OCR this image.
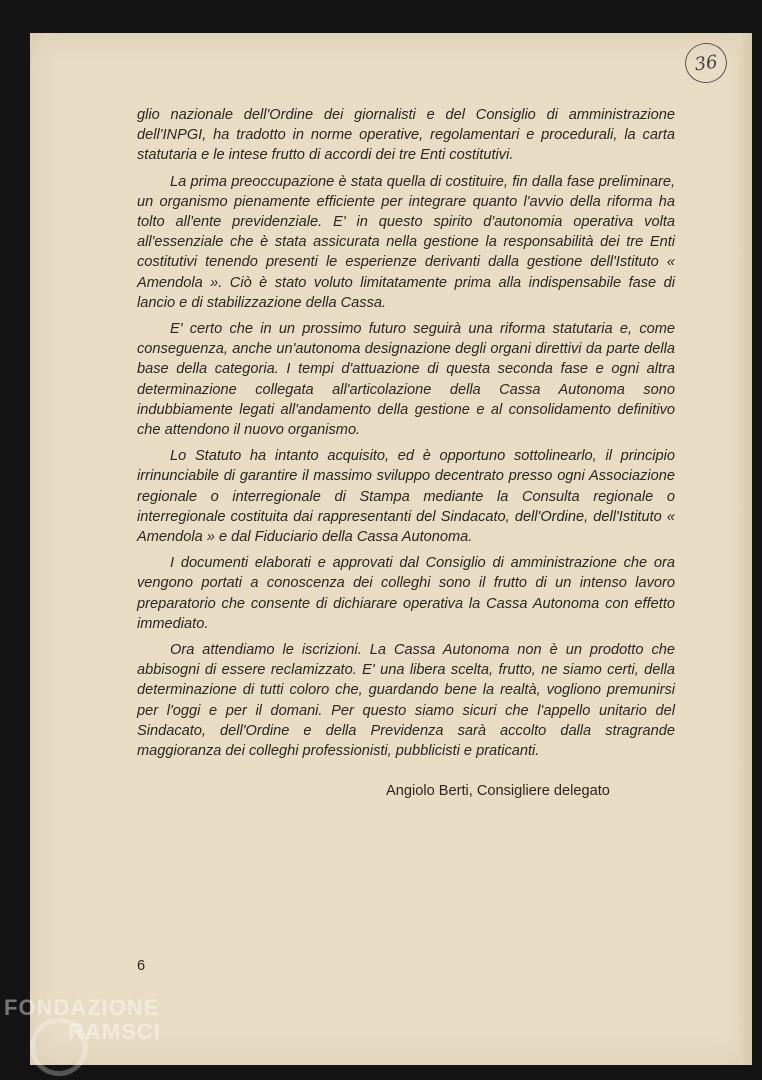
36

glio nazionale dell'Ordine dei giornalisti e del Consiglio di amministrazione dell'INPGI, ha tradotto in norme operative, regolamentari e procedurali, la carta statutaria e le intese frutto di accordi dei tre Enti costitutivi.

La prima preoccupazione è stata quella di costituire, fin dalla fase preliminare, un organismo pienamente efficiente per integrare quanto l'avvio della riforma ha tolto all'ente previdenziale. E' in questo spirito d'autonomia operativa volta all'essenziale che è stata assicurata nella gestione la responsabilità dei tre Enti costitutivi tenendo presenti le esperienze derivanti dalla gestione dell'Istituto « Amendola ». Ciò è stato voluto limitatamente prima alla indispensabile fase di lancio e di stabilizzazione della Cassa.

E' certo che in un prossimo futuro seguirà una riforma statutaria e, come conseguenza, anche un'autonoma designazione degli organi direttivi da parte della base della categoria. I tempi d'attuazione di questa seconda fase e ogni altra determinazione collegata all'articolazione della Cassa Autonoma sono indubbiamente legati all'andamento della gestione e al consolidamento definitivo che attendono il nuovo organismo.

Lo Statuto ha intanto acquisito, ed è opportuno sottolinearlo, il principio irrinunciabile di garantire il massimo sviluppo decentrato presso ogni Associazione regionale o interregionale di Stampa mediante la Consulta regionale o interregionale costituita dai rappresentanti del Sindacato, dell'Ordine, dell'Istituto « Amendola » e dal Fiduciario della Cassa Autonoma.

I documenti elaborati e approvati dal Consiglio di amministrazione che ora vengono portati a conoscenza dei colleghi sono il frutto di un intenso lavoro preparatorio che consente di dichiarare operativa la Cassa Autonoma con effetto immediato.

Ora attendiamo le iscrizioni. La Cassa Autonoma non è un prodotto che abbisogni di essere reclamizzato. E' una libera scelta, frutto, ne siamo certi, della determinazione di tutti coloro che, guardando bene la realtà, vogliono premunirsi per l'oggi e per il domani. Per questo siamo sicuri che l'appello unitario del Sindacato, dell'Ordine e della Previdenza sarà accolto dalla stragrande maggioranza dei colleghi professionisti, pubblicisti e praticanti.

Angiolo Berti, Consigliere delegato
6
FONDAZIONE
RAMSCI
